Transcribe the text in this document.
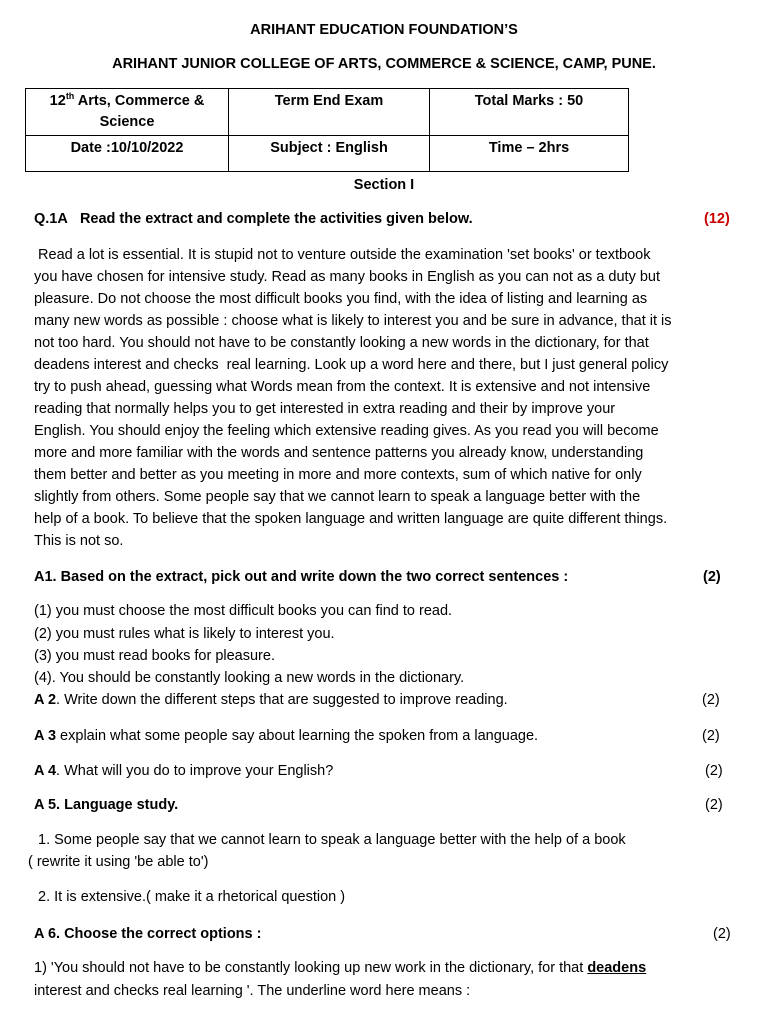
ARIHANT EDUCATION FOUNDATION’S
ARIHANT JUNIOR COLLEGE OF ARTS, COMMERCE & SCIENCE, CAMP, PUNE.
12th Arts, Commerce & Science	Term End Exam	Total Marks : 50
Date :10/10/2022	Subject : English	Time – 2hrs
Section I
Q.1A Read the extract and complete the activities given below.	(12)

Read a lot is essential. It is stupid not to venture outside the examination 'set books' or textbook

you have chosen for intensive study. Read as many books in English as you can not as a duty but

pleasure. Do not choose the most difficult books you find, with the idea of listing and learning as

many new words as possible : choose what is likely to interest you and be sure in advance, that it is

not too hard. You should not have to be constantly looking a new words in the dictionary, for that

deadens interest and checks  real learning. Look up a word here and there, but I just general policy

try to push ahead, guessing what Words mean from the context. It is extensive and not intensive

reading that normally helps you to get interested in extra reading and their by improve your

English. You should enjoy the feeling which extensive reading gives. As you read you will become

more and more familiar with the words and sentence patterns you already know, understanding

them better and better as you meeting in more and more contexts, sum of which native for only

slightly from others. Some people say that we cannot learn to speak a language better with the

help of a book. To believe that the spoken language and written language are quite different things.

This is not so.

A1. Based on the extract, pick out and write down the two correct sentences :	(2)
(1) you must choose the most difficult books you can find to read.
(2) you must rules what is likely to interest you.
(3) you must read books for pleasure.
(4). You should be constantly looking a new words in the dictionary.
A 2. Write down the different steps that are suggested to improve reading.	(2)
A 3 explain what some people say about learning the spoken from a language.	(2)
A 4. What will you do to improve your English?	(2)
A 5. Language study.	(2)
1. Some people say that we cannot learn to speak a language better with the help of a book
( rewrite it using 'be able to')
2. It is extensive.( make it a rhetorical question )
A 6. Choose the correct options :	(2)
1) 'You should not have to be constantly looking up new work in the dictionary, for that deadens
interest and checks real learning '. The underline word here means :
